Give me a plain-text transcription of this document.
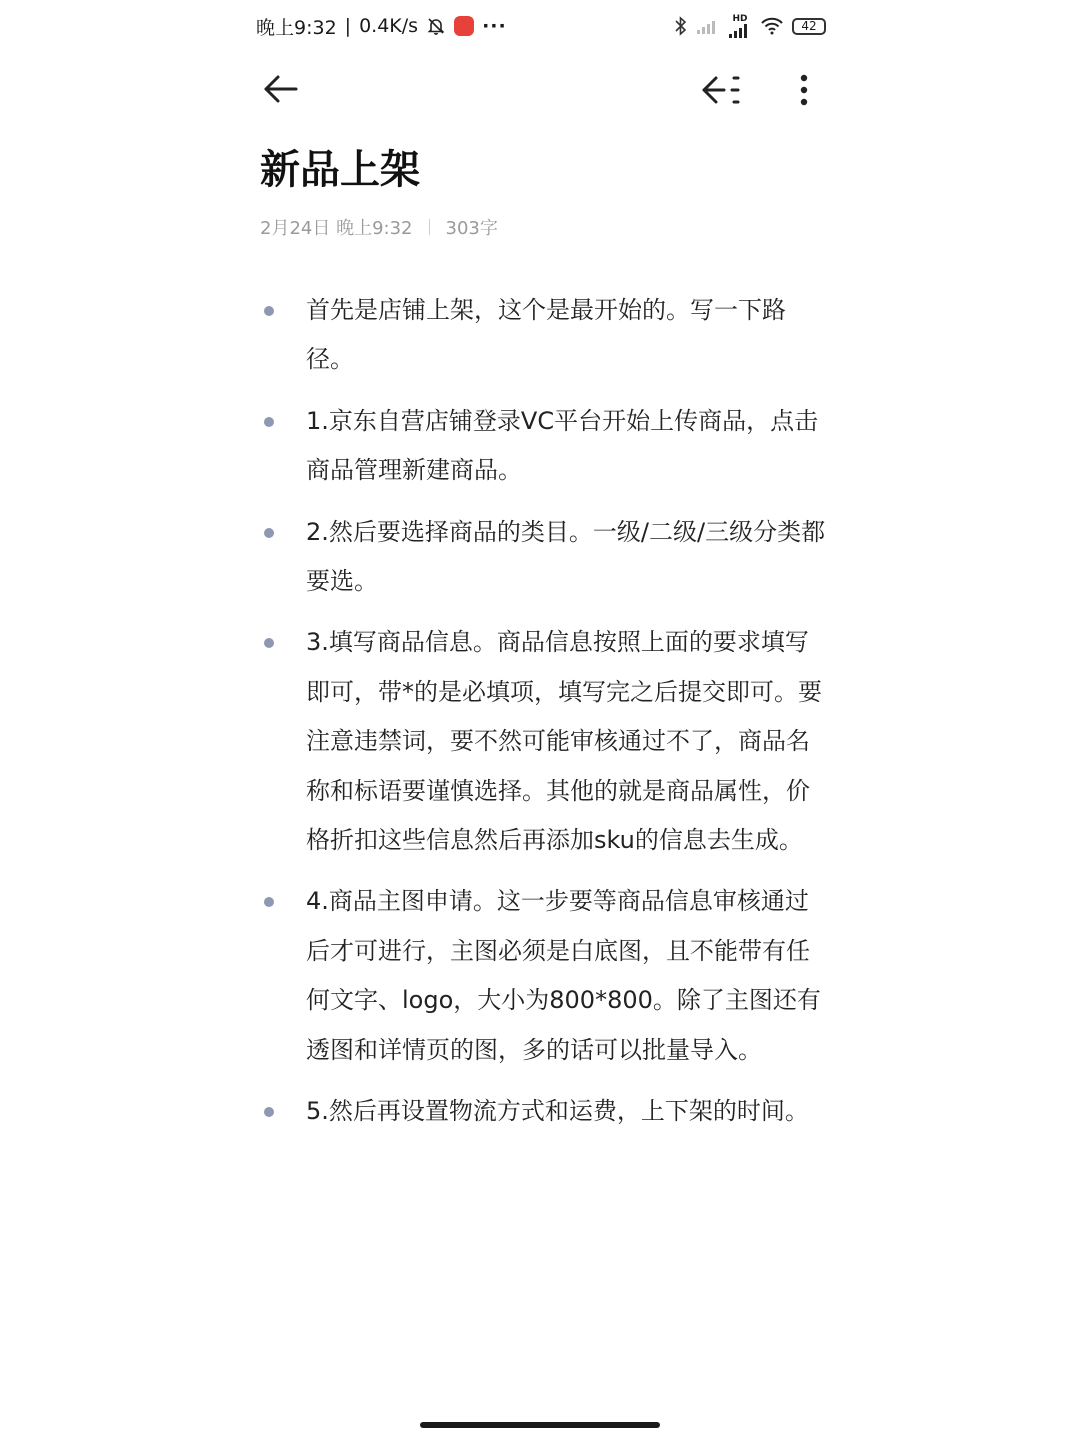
晚上9:32 | 0.4K/s	···	HD
42
新品上架
2月24日 晚上9:32 303字
首先是店铺上架，这个是最开始的。写一下路径。
1.京东自营店铺登录VC平台开始上传商品，点击商品管理新建商品。
2.然后要选择商品的类目。一级/二级/三级分类都要选。
3.填写商品信息。商品信息按照上面的要求填写即可，带*的是必填项，填写完之后提交即可。要注意违禁词，要不然可能审核通过不了，商品名称和标语要谨慎选择。其他的就是商品属性，价格折扣这些信息然后再添加sku的信息去生成。
4.商品主图申请。这一步要等商品信息审核通过后才可进行，主图必须是白底图，且不能带有任何文字、logo，大小为800*800。除了主图还有透图和详情页的图，多的话可以批量导入。
5.然后再设置物流方式和运费，上下架的时间。
